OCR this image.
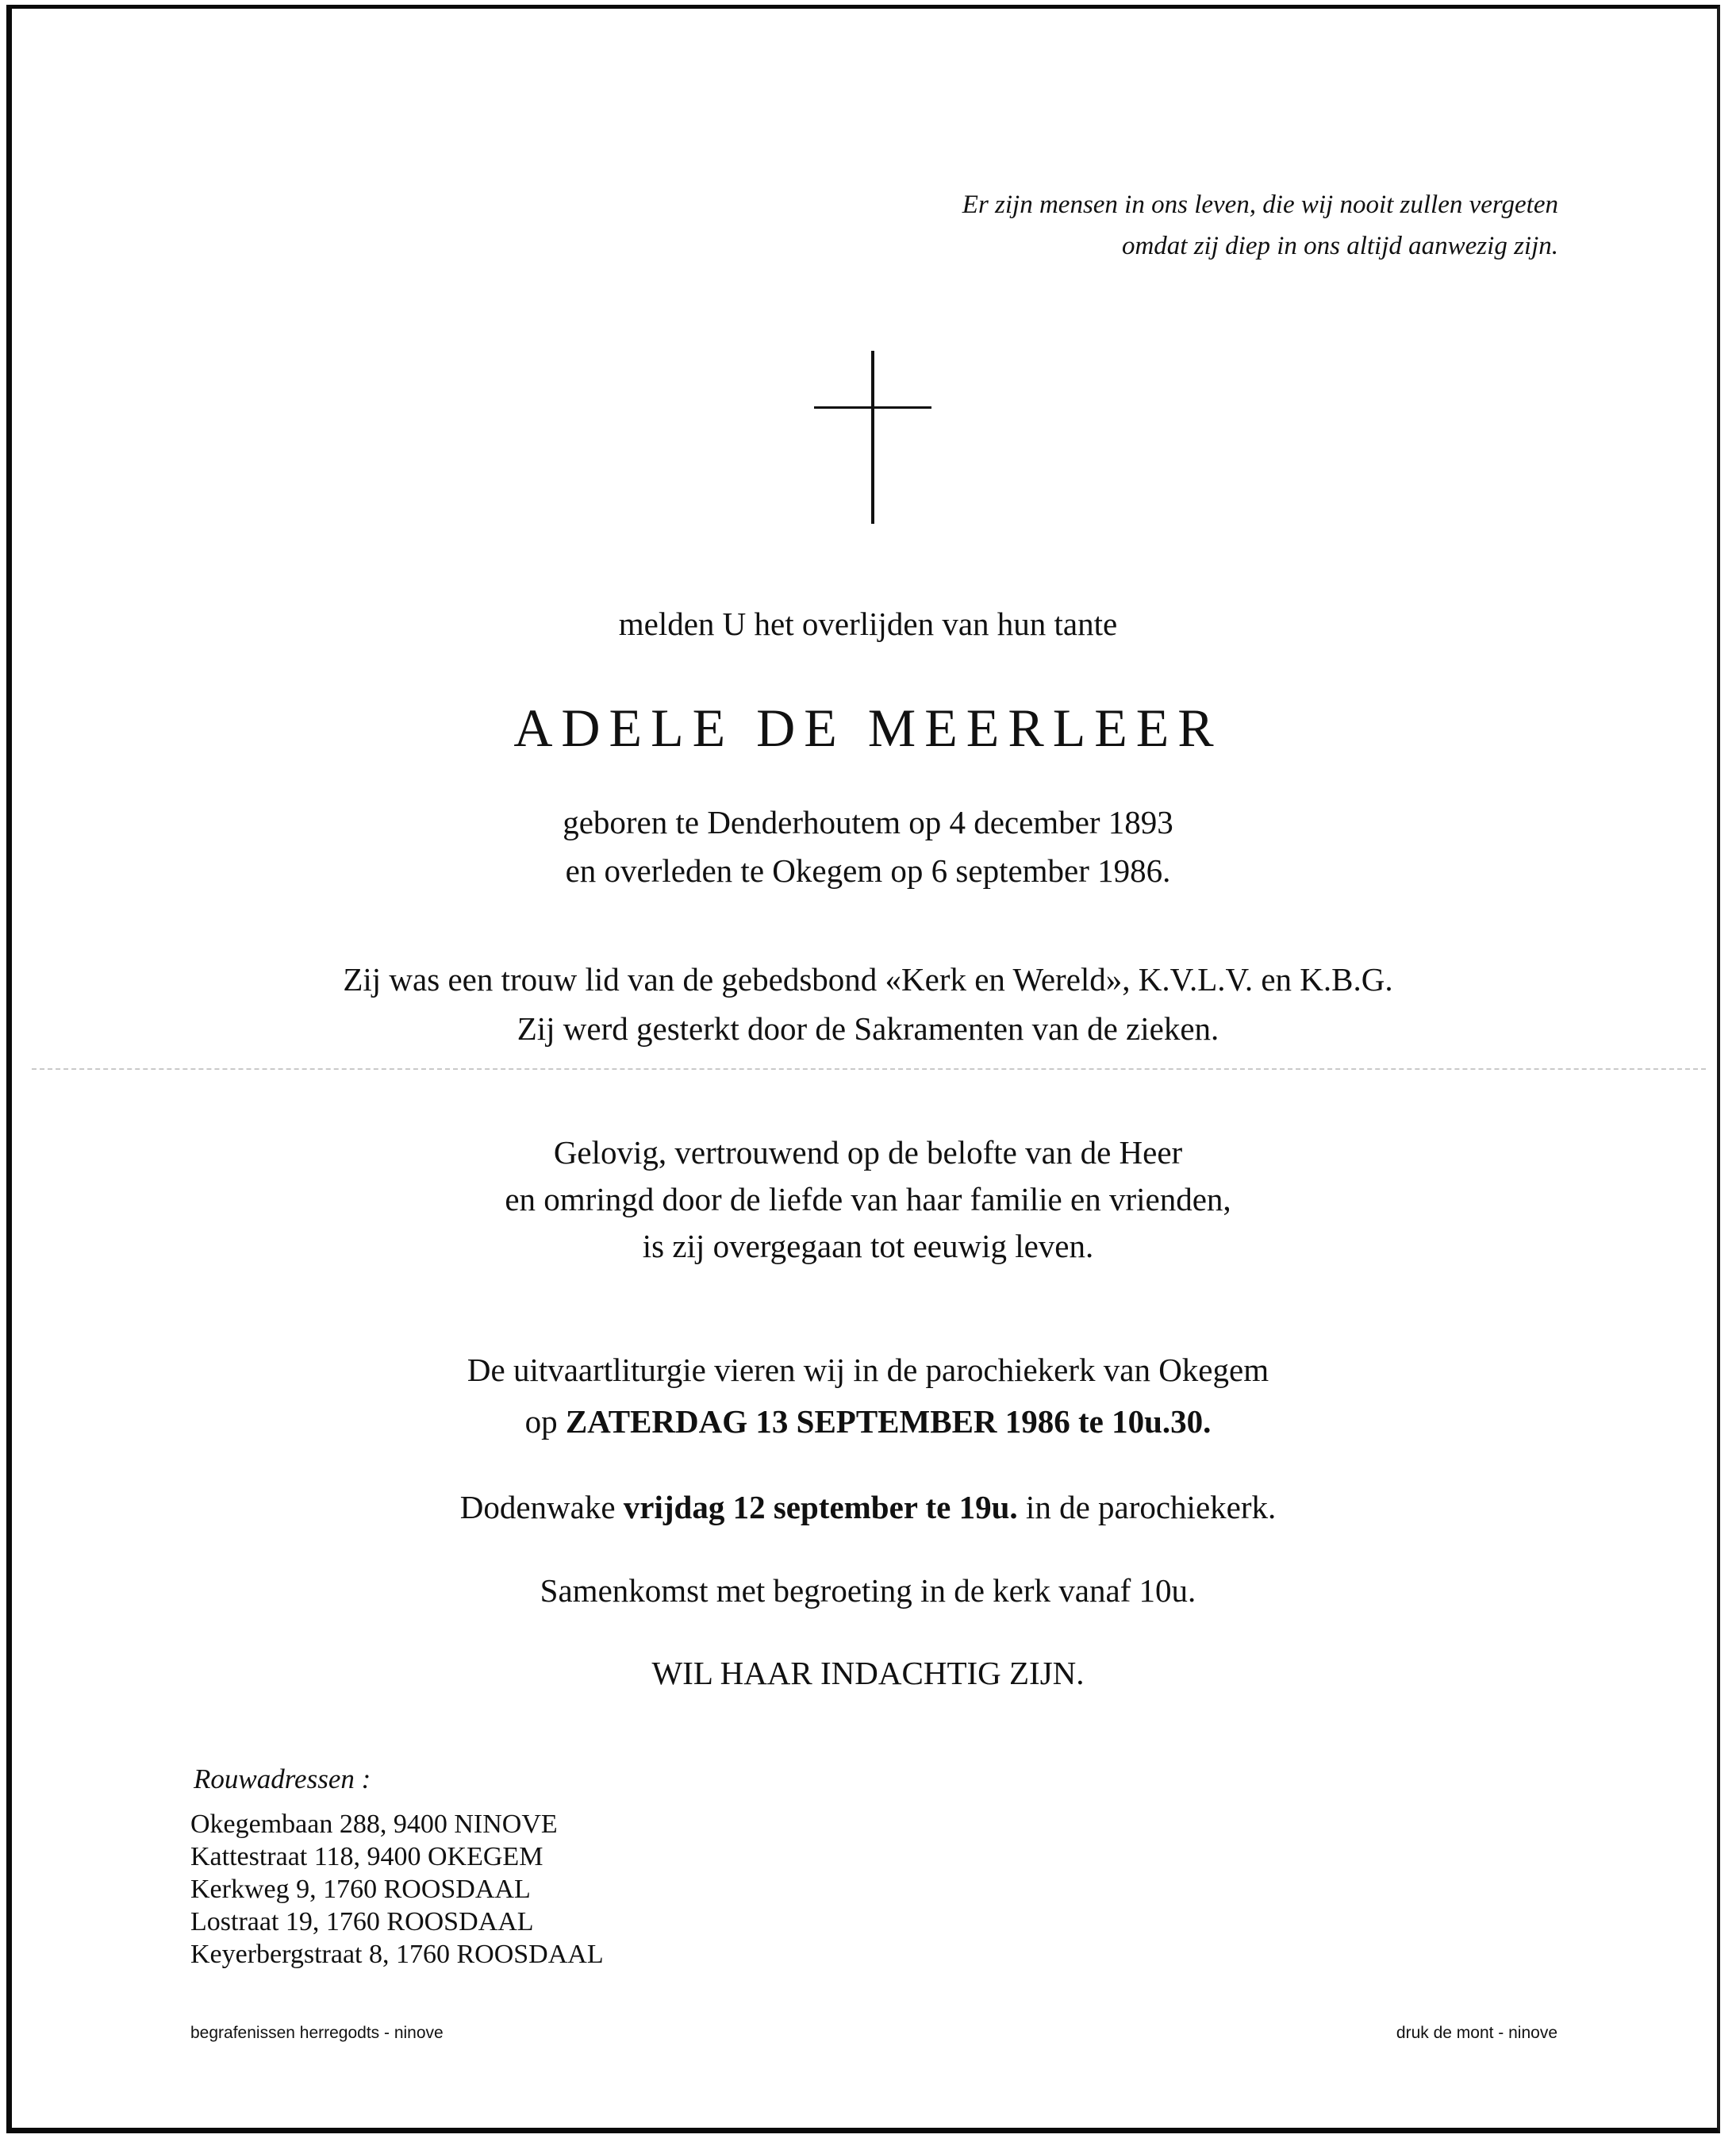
Er zijn mensen in ons leven, die wij nooit zullen vergeten
omdat zij diep in ons altijd aanwezig zijn.
melden U het overlijden van hun tante
ADELE DE MEERLEER
geboren te Denderhoutem op 4 december 1893
en overleden te Okegem op 6 september 1986.
Zij was een trouw lid van de gebedsbond «Kerk en Wereld», K.V.L.V. en K.B.G.
Zij werd gesterkt door de Sakramenten van de zieken.
Gelovig, vertrouwend op de belofte van de Heer
en omringd door de liefde van haar familie en vrienden,
is zij overgegaan tot eeuwig leven.
De uitvaartliturgie vieren wij in de parochiekerk van Okegem
op ZATERDAG 13 SEPTEMBER 1986 te 10u.30.
Dodenwake vrijdag 12 september te 19u. in de parochiekerk.
Samenkomst met begroeting in de kerk vanaf 10u.
WIL HAAR INDACHTIG ZIJN.
Rouwadressen :
Okegembaan 288, 9400 NINOVE
Kattestraat 118, 9400 OKEGEM
Kerkweg 9, 1760 ROOSDAAL
Lostraat 19, 1760 ROOSDAAL
Keyerbergstraat 8, 1760 ROOSDAAL
begrafenissen herregodts - ninove	druk de mont - ninove
